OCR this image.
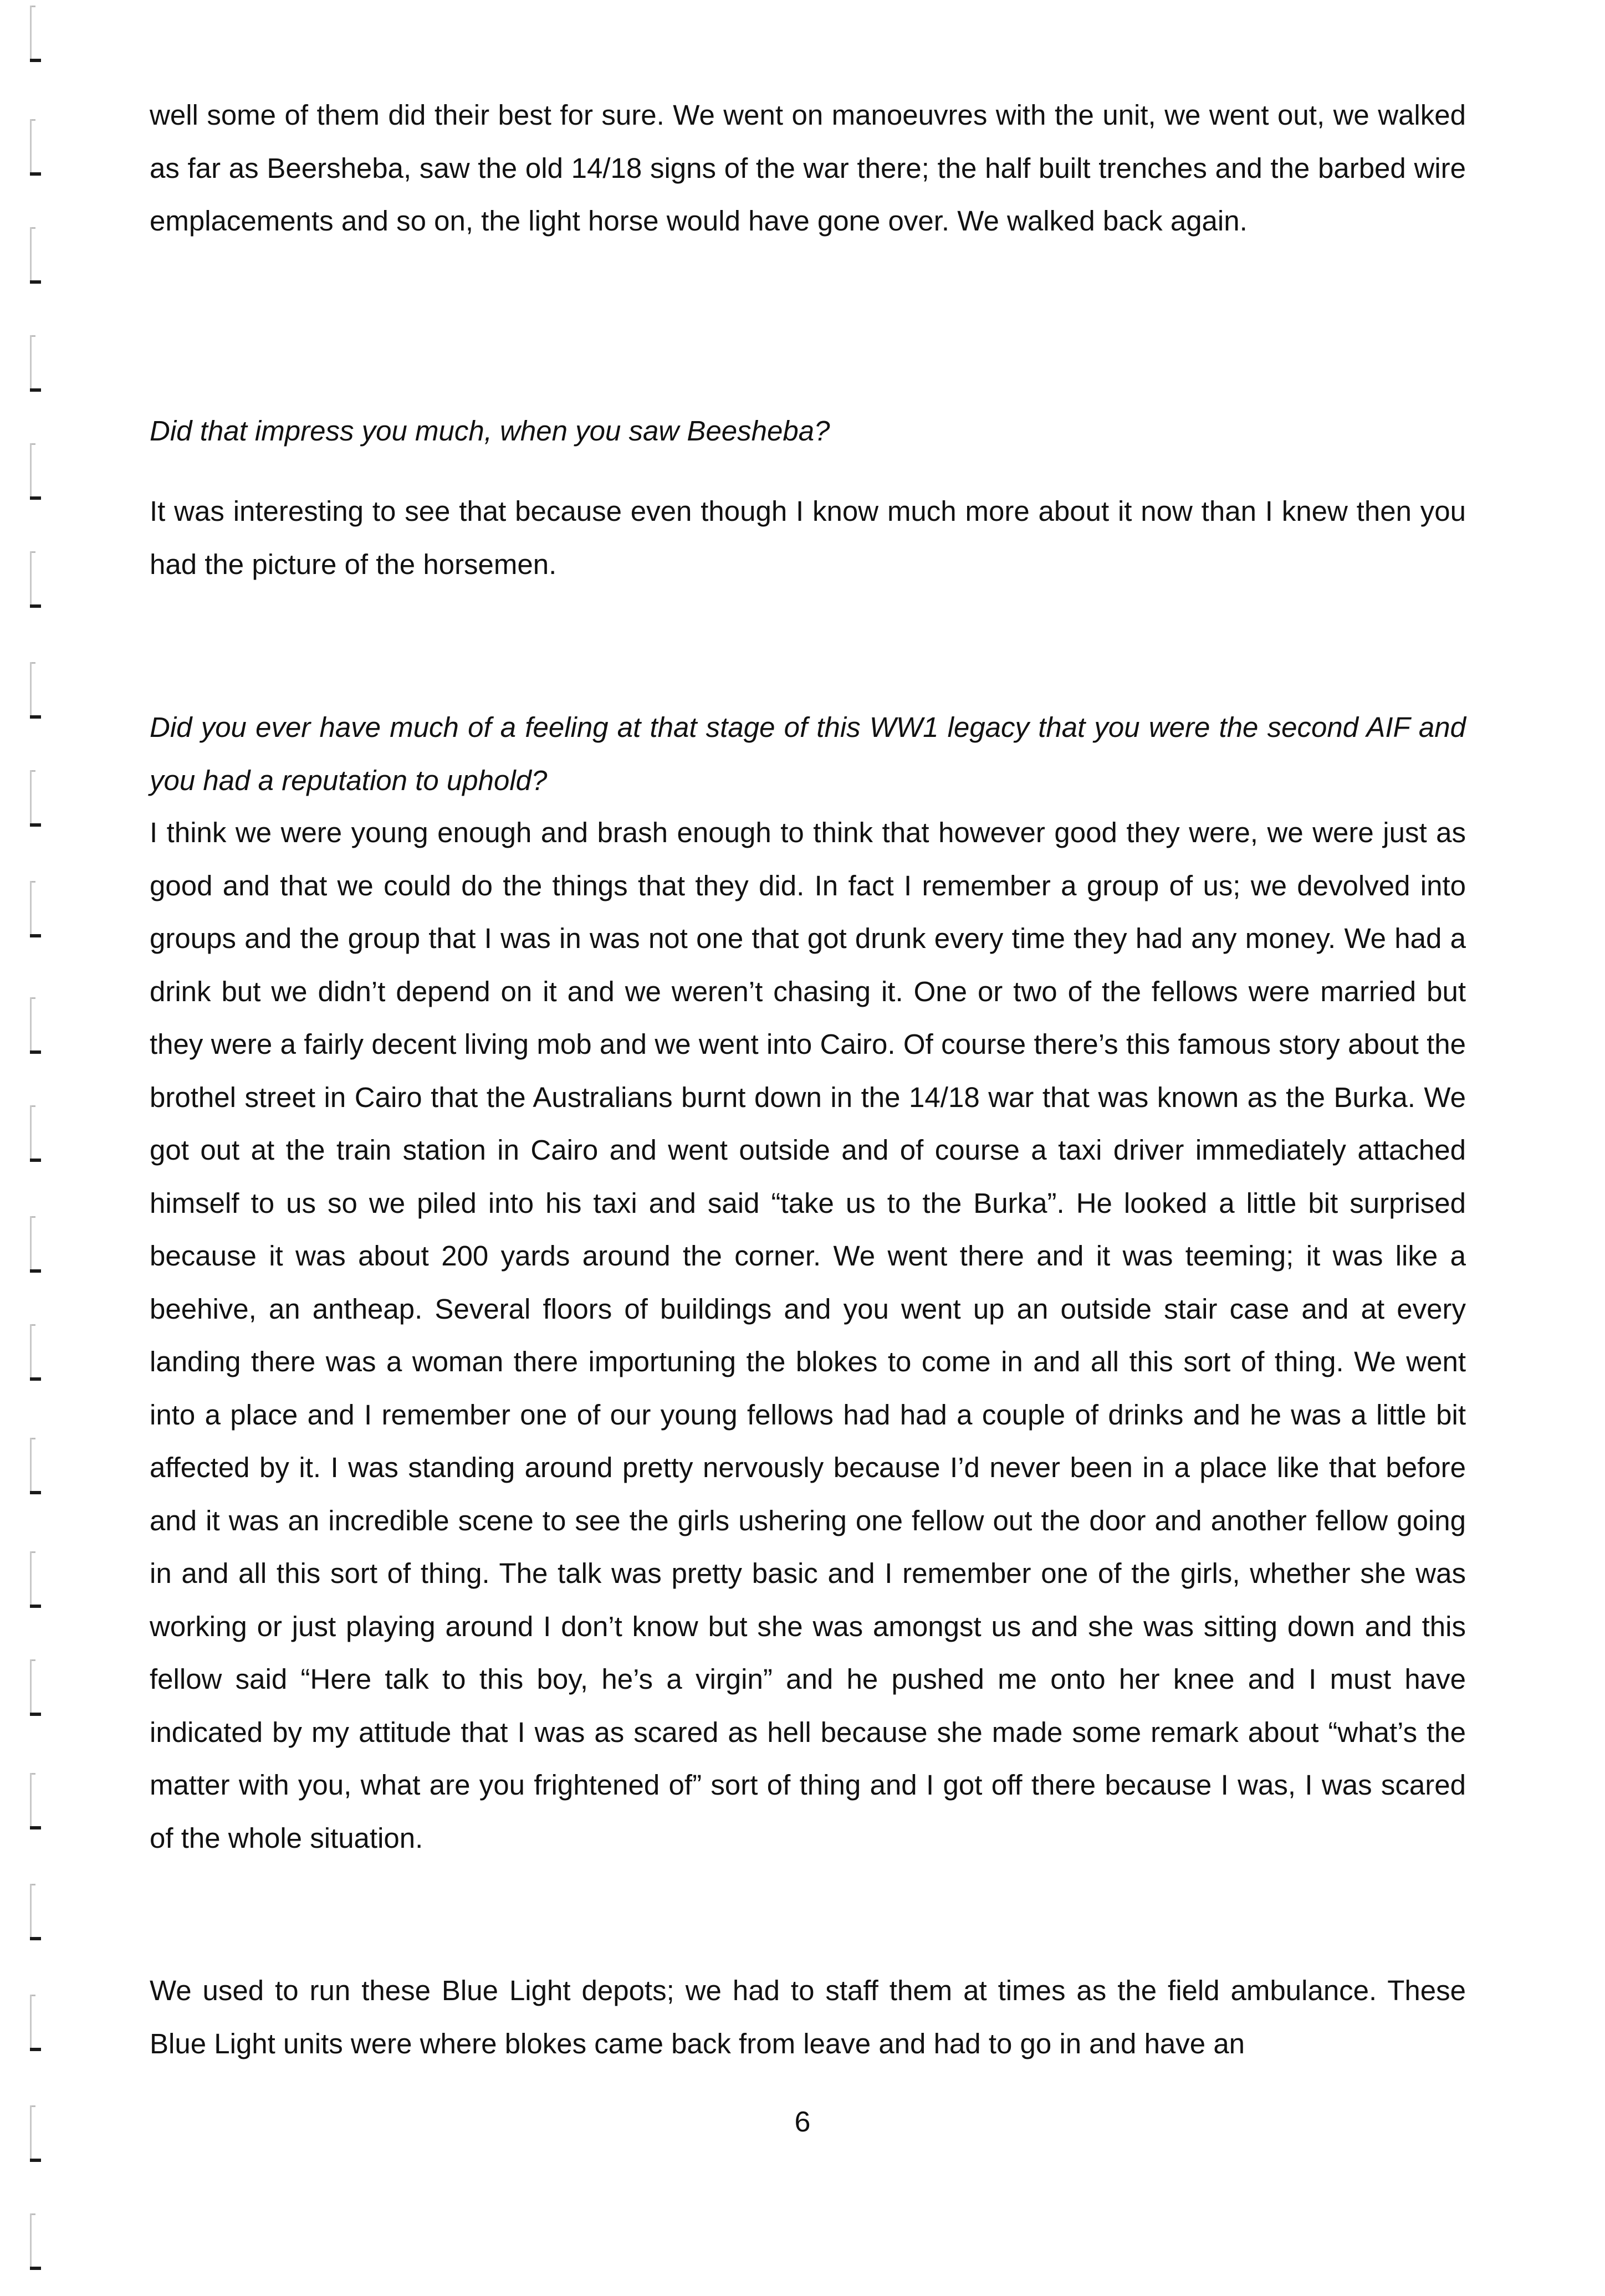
well some of them did their best for sure. We went on manoeuvres with the unit, we went out, we walked as far as Beersheba, saw the old 14/18 signs of the war there; the half built trenches and the barbed wire emplacements and so on, the light horse would have gone over. We walked back again.

Did that impress you much, when you saw Beesheba?

It was interesting to see that because even though I know much more about it now than I knew then you had the picture of the horsemen.

Did you ever have much of a feeling at that stage of this WW1 legacy that you were the second AIF and you had a reputation to uphold?

I think we were young enough and brash enough to think that however good they were, we were just as good and that we could do the things that they did. In fact I remember a group of us; we devolved into groups and the group that I was in was not one that got drunk every time they had any money. We had a drink but we didn’t depend on it and we weren’t chasing it. One or two of the fellows were married but they were a fairly decent living mob and we went into Cairo. Of course there’s this famous story about the brothel street in Cairo that the Australians burnt down in the 14/18 war that was known as the Burka. We got out at the train station in Cairo and went outside and of course a taxi driver immediately attached himself to us so we piled into his taxi and said “take us to the Burka”. He looked a little bit surprised because it was about 200 yards around the corner. We went there and it was teeming; it was like a beehive, an antheap. Several floors of buildings and you went up an outside stair case and at every landing there was a woman there importuning the blokes to come in and all this sort of thing. We went into a place and I remember one of our young fellows had had a couple of drinks and he was a little bit affected by it. I was standing around pretty nervously because I’d never been in a place like that before and it was an incredible scene to see the girls ushering one fellow out the door and another fellow going in and all this sort of thing. The talk was pretty basic and I remember one of the girls, whether she was working or just playing around I don’t know but she was amongst us and she was sitting down and this fellow said “Here talk to this boy, he’s a virgin” and he pushed me onto her knee and I must have indicated by my attitude that I was as scared as hell because she made some remark about “what’s the matter with you, what are you frightened of” sort of thing and I got off there because I was, I was scared of the whole situation.

We used to run these Blue Light depots; we had to staff them at times as the field ambulance. These Blue Light units were where blokes came back from leave and had to go in and have an

6
